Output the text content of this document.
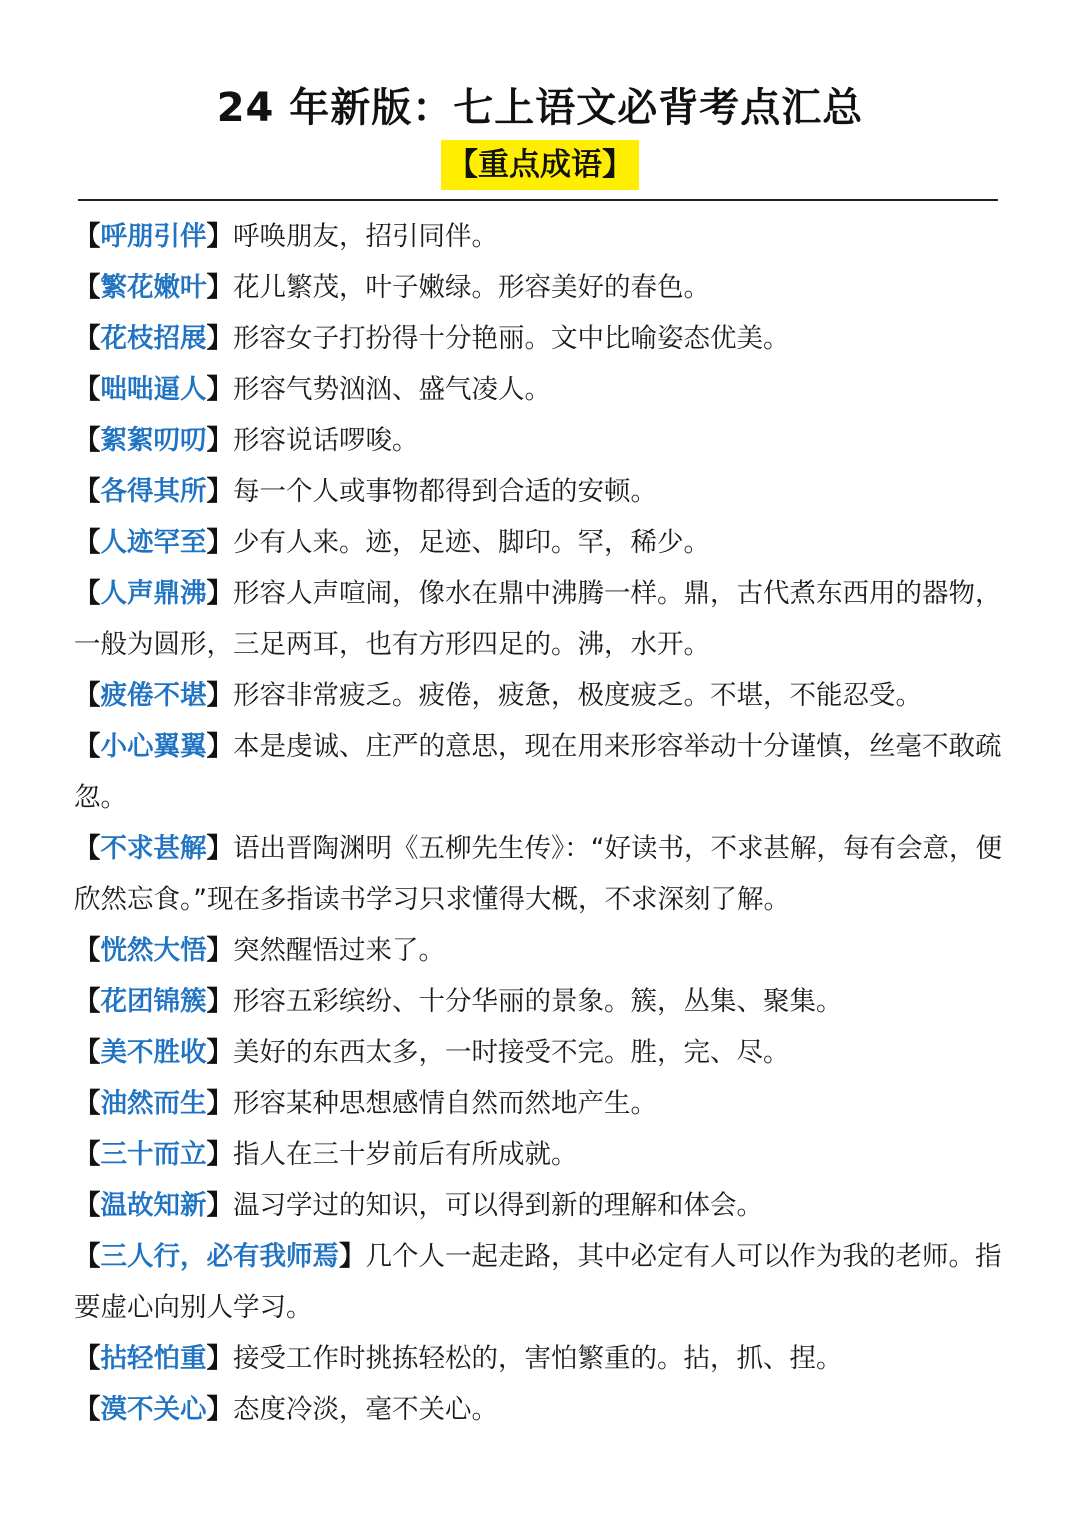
24 年新版：七上语文必背考点汇总
【重点成语】

【呼朋引伴】呼唤朋友，招引同伴。

【繁花嫩叶】花儿繁茂，叶子嫩绿。形容美好的春色。

【花枝招展】形容女子打扮得十分艳丽。文中比喻姿态优美。

【咄咄逼人】形容气势汹汹、盛气凌人。

【絮絮叨叨】形容说话啰唆。

【各得其所】每一个人或事物都得到合适的安顿。

【人迹罕至】少有人来。迹，足迹、脚印。罕，稀少。

【人声鼎沸】形容人声喧闹，像水在鼎中沸腾一样。鼎，古代煮东西用的器物，一般为圆形，三足两耳，也有方形四足的。沸，水开。

【疲倦不堪】形容非常疲乏。疲倦，疲惫，极度疲乏。不堪，不能忍受。

【小心翼翼】本是虔诚、庄严的意思，现在用来形容举动十分谨慎，丝毫不敢疏忽。

【不求甚解】语出晋陶渊明《五柳先生传》：“好读书，不求甚解，每有会意，便欣然忘食。”现在多指读书学习只求懂得大概，不求深刻了解。

【恍然大悟】突然醒悟过来了。

【花团锦簇】形容五彩缤纷、十分华丽的景象。簇，丛集、聚集。

【美不胜收】美好的东西太多，一时接受不完。胜，完、尽。

【油然而生】形容某种思想感情自然而然地产生。

【三十而立】指人在三十岁前后有所成就。

【温故知新】温习学过的知识，可以得到新的理解和体会。

【三人行，必有我师焉】几个人一起走路，其中必定有人可以作为我的老师。指要虚心向别人学习。

【拈轻怕重】接受工作时挑拣轻松的，害怕繁重的。拈，抓、捏。

【漠不关心】态度冷淡，毫不关心。
